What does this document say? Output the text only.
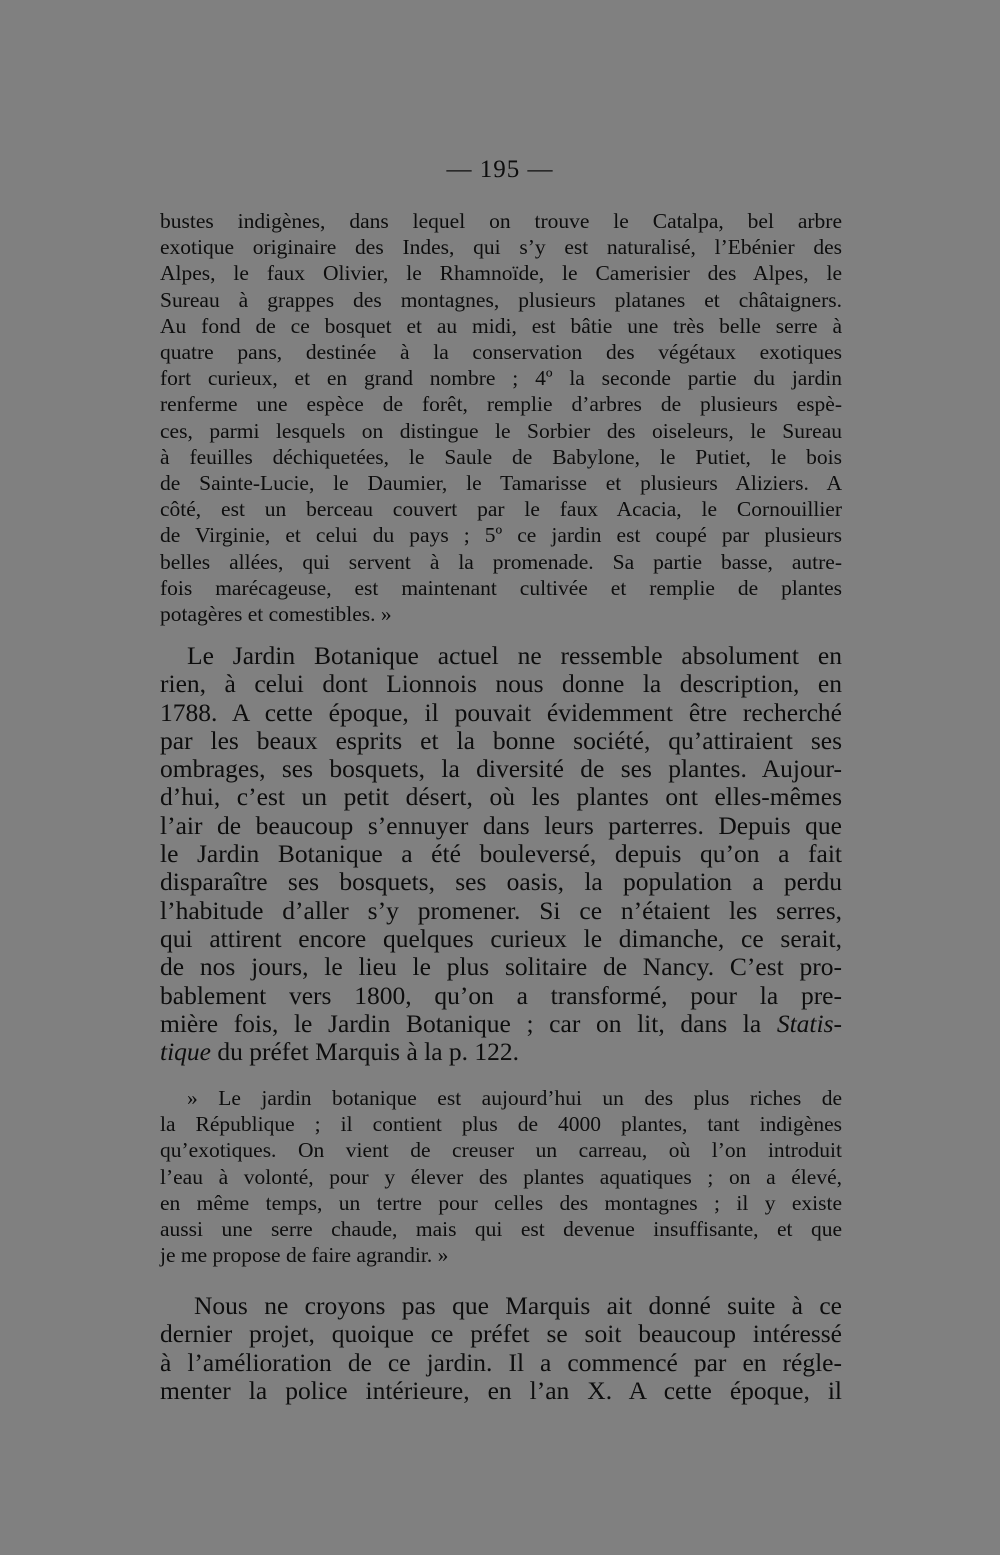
— 195 —

bustes indigènes, dans lequel on trouve le Catalpa, bel arbre
exotique originaire des Indes, qui s’y est naturalisé, l’Ebénier des
Alpes, le faux Olivier, le Rhamnoïde, le Camerisier des Alpes, le
Sureau à grappes des montagnes, plusieurs platanes et châtaigners.
Au fond de ce bosquet et au midi, est bâtie une très belle serre à
quatre pans, destinée à la conservation des végétaux exotiques
fort curieux, et en grand nombre ; 4º la seconde partie du jardin
renferme une espèce de forêt, remplie d’arbres de plusieurs espè-
ces, parmi lesquels on distingue le Sorbier des oiseleurs, le Sureau
à feuilles déchiquetées, le Saule de Babylone, le Putiet, le bois
de Sainte-Lucie, le Daumier, le Tamarisse et plusieurs Aliziers. A
côté, est un berceau couvert par le faux Acacia, le Cornouillier
de Virginie, et celui du pays ; 5º ce jardin est coupé par plusieurs
belles allées, qui servent à la promenade. Sa partie basse, autre-
fois marécageuse, est maintenant cultivée et remplie de plantes
potagères et comestibles. »
Le Jardin Botanique actuel ne ressemble absolument en
rien, à celui dont Lionnois nous donne la description, en
1788. A cette époque, il pouvait évidemment être recherché
par les beaux esprits et la bonne société, qu’attiraient ses
ombrages, ses bosquets, la diversité de ses plantes. Aujour-
d’hui, c’est un petit désert, où les plantes ont elles-mêmes
l’air de beaucoup s’ennuyer dans leurs parterres. Depuis que
le Jardin Botanique a été bouleversé, depuis qu’on a fait
disparaître ses bosquets, ses oasis, la population a perdu
l’habitude d’aller s’y promener. Si ce n’étaient les serres,
qui attirent encore quelques curieux le dimanche, ce serait,
de nos jours, le lieu le plus solitaire de Nancy. C’est pro-
bablement vers 1800, qu’on a transformé, pour la pre-
mière fois, le Jardin Botanique ; car on lit, dans la Statis-
tique du préfet Marquis à la p. 122.
» Le jardin botanique est aujourd’hui un des plus riches de
la République ; il contient plus de 4000 plantes, tant indigènes
qu’exotiques. On vient de creuser un carreau, où l’on introduit
l’eau à volonté, pour y élever des plantes aquatiques ; on a élevé,
en même temps, un tertre pour celles des montagnes ; il y existe
aussi une serre chaude, mais qui est devenue insuffisante, et que
je me propose de faire agrandir. »
Nous ne croyons pas que Marquis ait donné suite à ce
dernier projet, quoique ce préfet se soit beaucoup intéressé
à l’amélioration de ce jardin. Il a commencé par en régle-
menter la police intérieure, en l’an X. A cette époque, il
